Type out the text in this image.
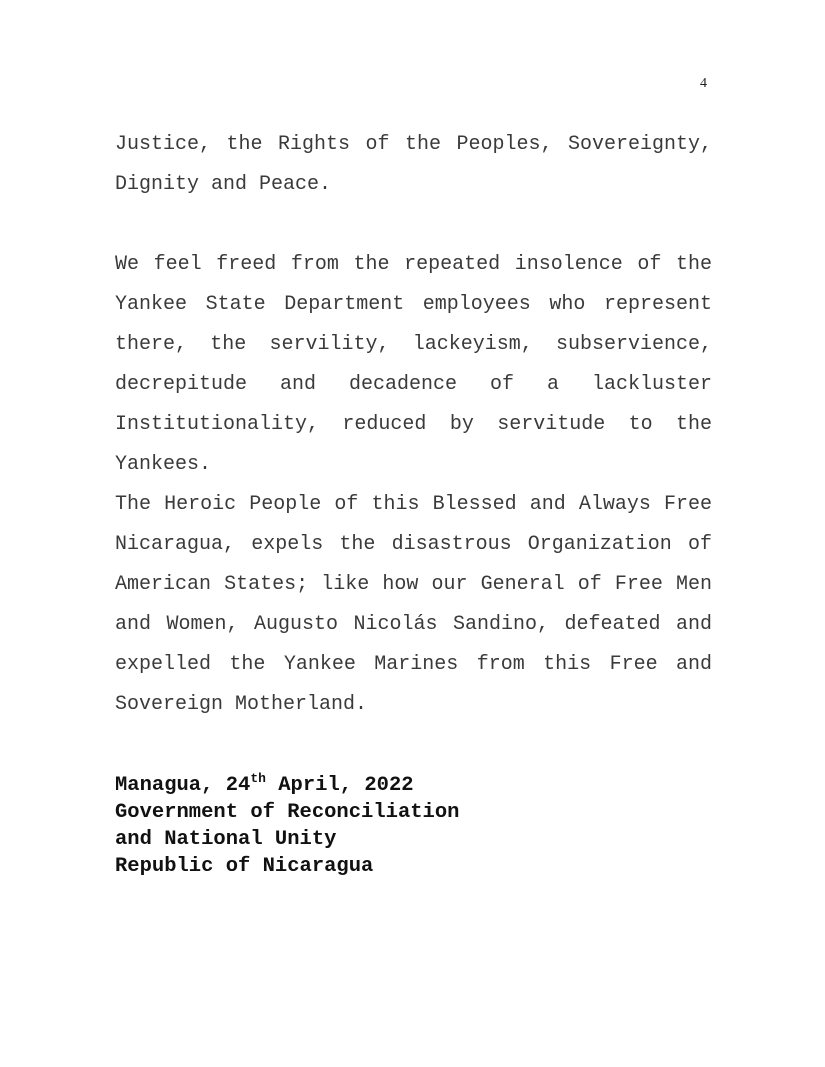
4

Justice, the Rights of the Peoples, Sovereignty, Dignity and Peace.

We feel freed from the repeated insolence of the Yankee State Department employees who represent there, the servility, lackeyism, subservience, decrepitude and decadence of a lackluster Institutionality, reduced by servitude to the Yankees.

The Heroic People of this Blessed and Always Free Nicaragua, expels the disastrous Organization of American States; like how our General of Free Men and Women, Augusto Nicolás Sandino, defeated and expelled the Yankee Marines from this Free and Sovereign Motherland.

Managua, 24th April, 2022
Government of Reconciliation
and National Unity
Republic of Nicaragua
